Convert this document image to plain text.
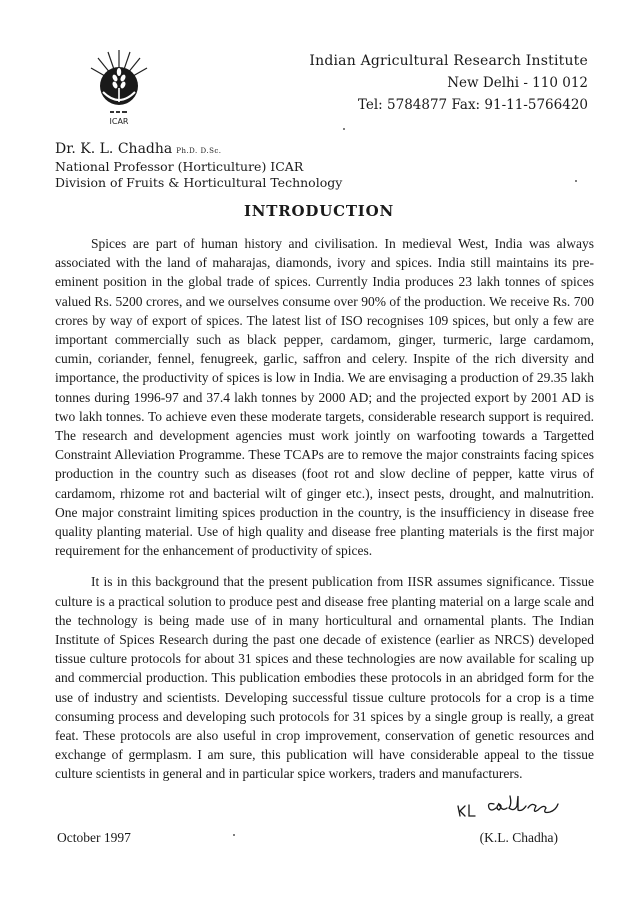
ICAR
Indian Agricultural Research Institute
New Delhi - 110 012
Tel: 5784877 Fax: 91-11-5766420
Dr. K. L. Chadha Ph.D. D.Sc.
National Professor (Horticulture) ICAR
Division of Fruits & Horticultural Technology
INTRODUCTION

Spices are part of human history and civilisation. In medieval West, India was always associated with the land of maharajas, diamonds, ivory and spices. India still maintains its pre-eminent position in the global trade of spices. Currently India produces 23 lakh tonnes of spices valued Rs. 5200 crores, and we ourselves consume over 90% of the production. We receive Rs. 700 crores by way of export of spices. The latest list of ISO recognises 109 spices, but only a few are important commercially such as black pepper, cardamom, ginger, turmeric, large cardamom, cumin, coriander, fennel, fenugreek, garlic, saffron and celery. Inspite of the rich diversity and importance, the productivity of spices is low in India. We are envisaging a production of 29.35 lakh tonnes during 1996-97 and 37.4 lakh tonnes by 2000 AD; and the projected export by 2001 AD is two lakh tonnes. To achieve even these moderate targets, considerable research support is required. The research and development agencies must work jointly on warfooting towards a Targetted Constraint Alleviation Programme. These TCAPs are to remove the major constraints facing spices production in the country such as diseases (foot rot and slow decline of pepper, katte virus of cardamom, rhizome rot and bacterial wilt of ginger etc.), insect pests, drought, and malnutrition. One major constraint limiting spices production in the country, is the insufficiency in disease free quality planting material. Use of high quality and disease free planting materials is the first major requirement for the enhancement of productivity of spices.

It is in this background that the present publication from IISR assumes significance. Tissue culture is a practical solution to produce pest and disease free planting material on a large scale and the technology is being made use of in many horticultural and ornamental plants. The Indian Institute of Spices Research during the past one decade of existence (earlier as NRCS) developed tissue culture protocols for about 31 spices and these technologies are now available for scaling up and commercial production. This publication embodies these protocols in an abridged form for the use of industry and scientists. Developing successful tissue culture protocols for a crop is a time consuming process and developing such protocols for 31 spices by a single group is really, a great feat. These protocols are also useful in crop improvement, conservation of genetic resources and exchange of germplasm. I am sure, this publication will have considerable appeal to the tissue culture scientists in general and in particular spice workers, traders and manufacturers.

October 1997	(K.L. Chadha)
